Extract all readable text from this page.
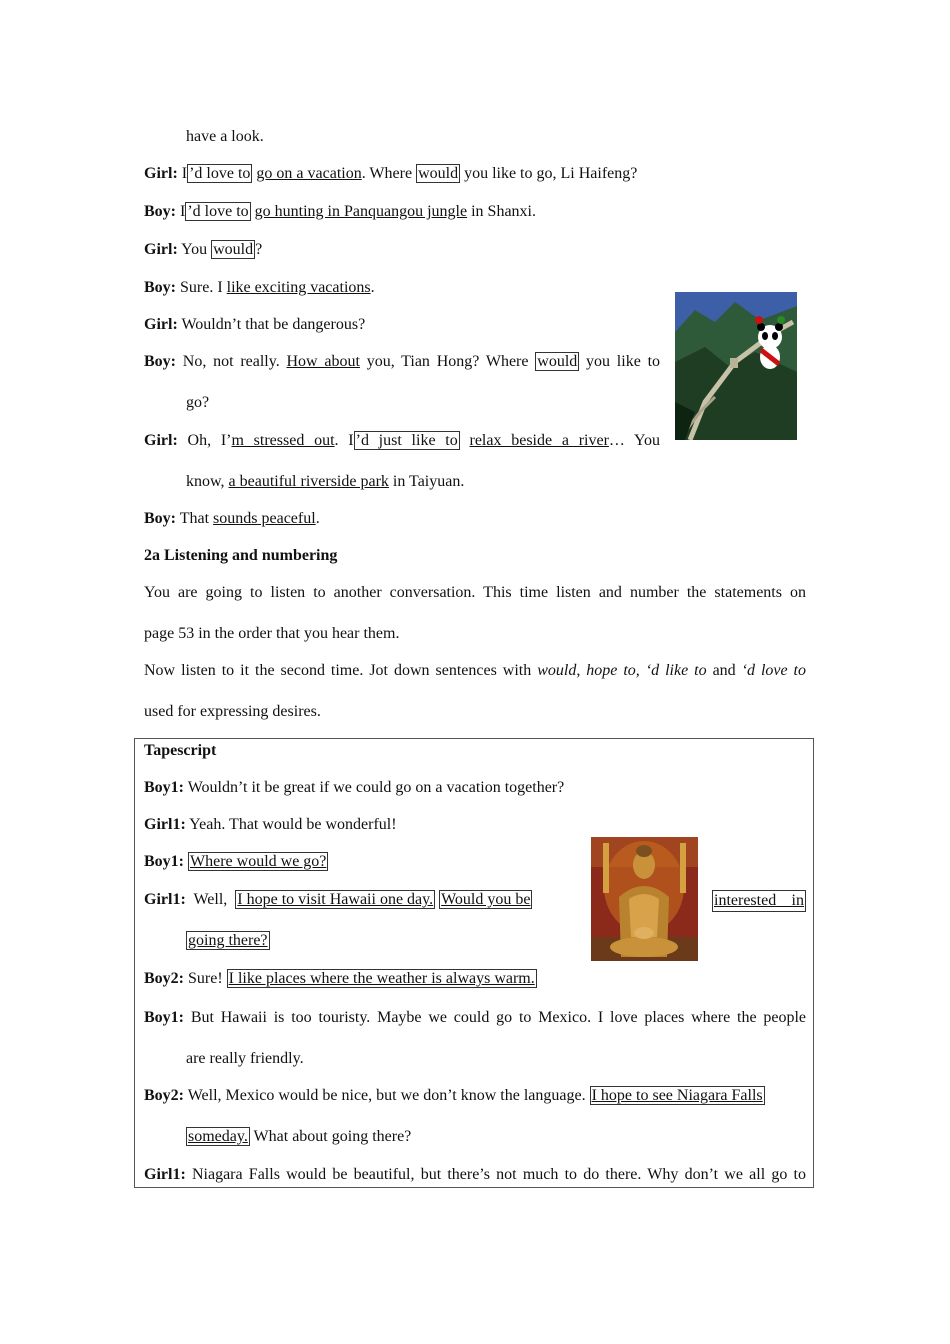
have a look.
Girl: I ’d love to go on a vacation. Where would you like to go, Li Haifeng?
Boy: I ’d love to go hunting in Panquangou jungle in Shanxi.
Girl: You would ?
Boy: Sure. I like exciting vacations.
Girl: Wouldn’t that be dangerous?
Boy: No, not really. How about you, Tian Hong? Where would you like to
go?
Girl: Oh, I’m stressed out. I ’d just like to relax beside a river… You
know, a beautiful riverside park in Taiyuan.
Boy: That sounds peaceful.
2a Listening and numbering
You are going to listen to another conversation. This time listen and number the statements on
page 53 in the order that you hear them.
Now listen to it the second time. Jot down sentences with would, hope to, ‘d like to and ‘d love to
used for expressing desires.
Tapescript
Boy1: Wouldn’t it be great if we could go on a vacation together?
Girl1: Yeah. That would be wonderful!
Boy1: Where would we go?
Girl1: Well, I hope to visit Hawaii one day. Would you be	interested in
going there?
Boy2: Sure! I like places where the weather is always warm.
Boy1: But Hawaii is too touristy. Maybe we could go to Mexico. I love places where the people
are really friendly.
Boy2: Well, Mexico would be nice, but we don’t know the language. I hope to see Niagara Falls
someday. What about going there?
Girl1: Niagara Falls would be beautiful, but there’s not much to do there. Why don’t we all go to
